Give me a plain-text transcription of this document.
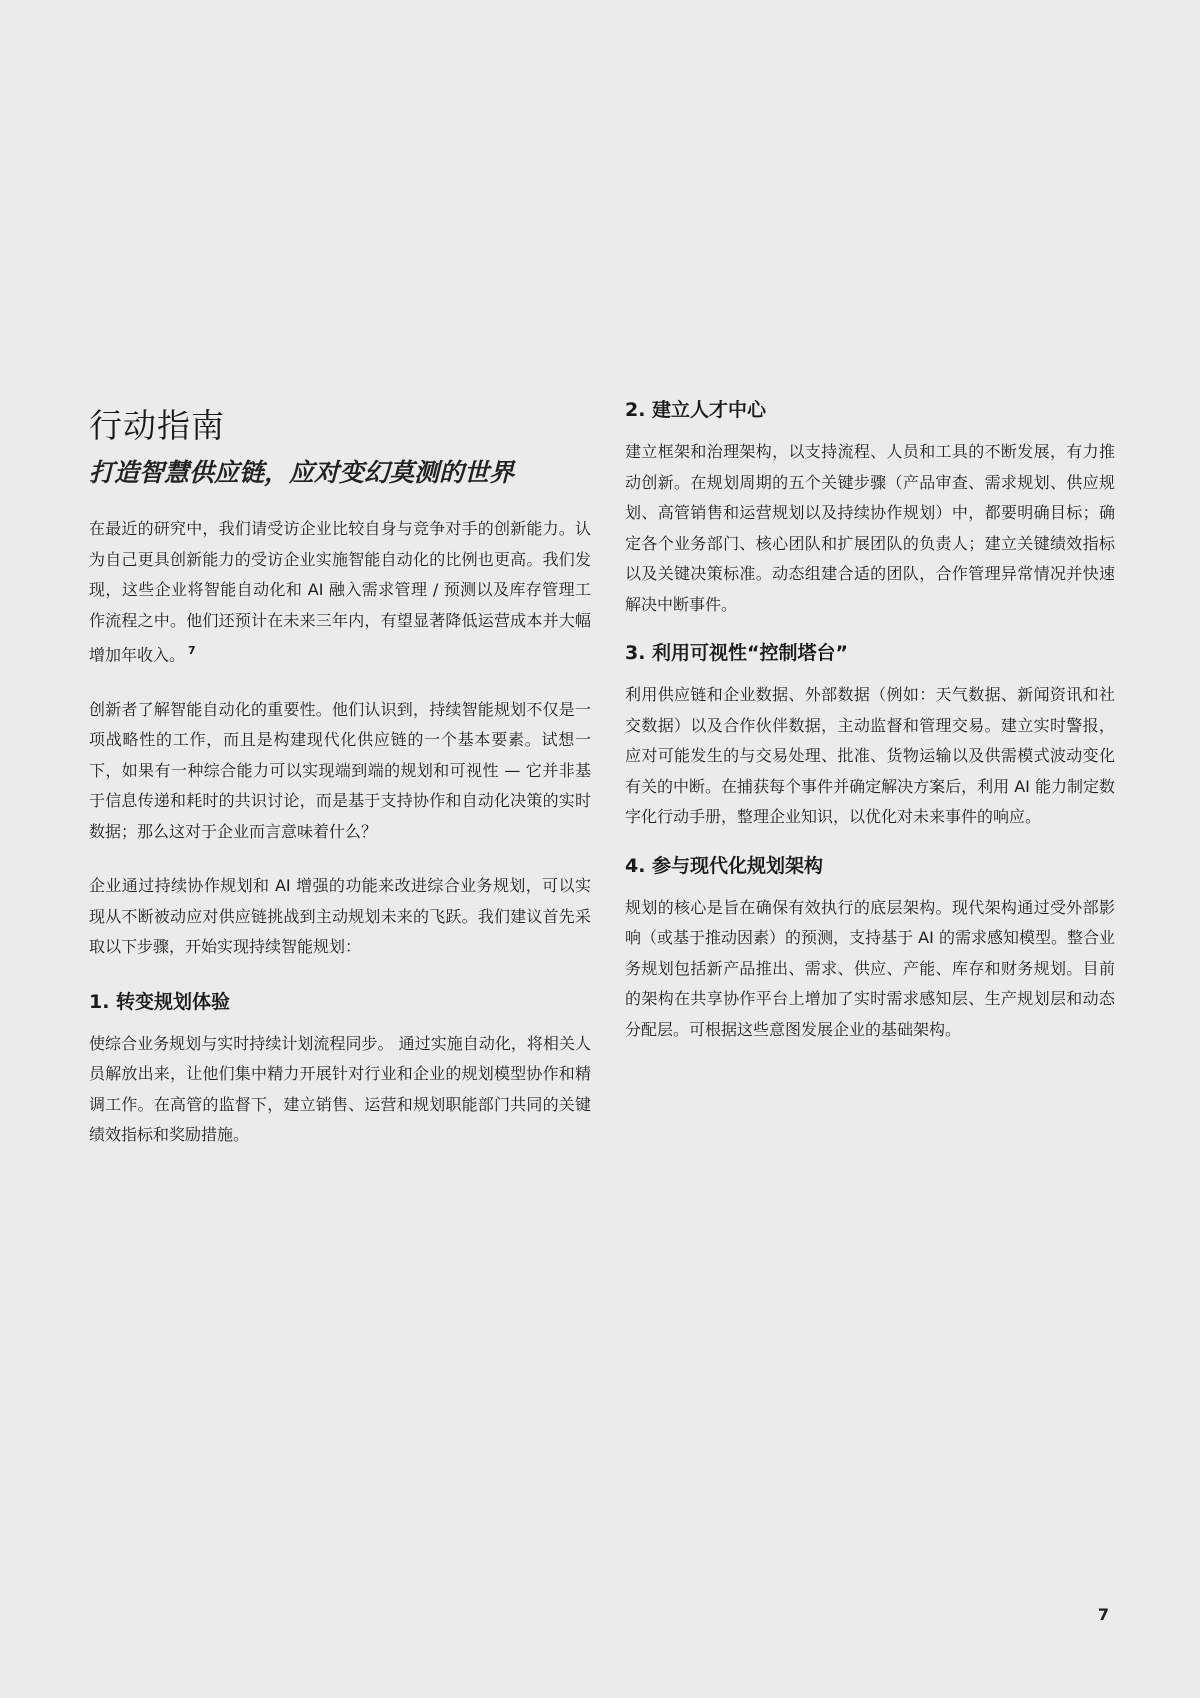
行动指南
打造智慧供应链，应对变幻莫测的世界

在最近的研究中，我们请受访企业比较自身与竞争对手的创新能力。认为自己更具创新能力的受访企业实施智能自动化的比例也更高。我们发现，这些企业将智能自动化和 AI 融入需求管理 / 预测以及库存管理工作流程之中。他们还预计在未来三年内，有望显著降低运营成本并大幅增加年收入。 $^7$

创新者了解智能自动化的重要性。他们认识到，持续智能规划不仅是一项战略性的工作，而且是构建现代化供应链的一个基本要素。试想一下，如果有一种综合能力可以实现端到端的规划和可视性 — 它并非基于信息传递和耗时的共识讨论，而是基于支持协作和自动化决策的实时数据；那么这对于企业而言意味着什么？

企业通过持续协作规划和 AI 增强的功能来改进综合业务规划，可以实现从不断被动应对供应链挑战到主动规划未来的飞跃。我们建议首先采取以下步骤，开始实现持续智能规划：

1. 转变规划体验

使综合业务规划与实时持续计划流程同步。 通过实施自动化，将相关人员解放出来，让他们集中精力开展针对行业和企业的规划模型协作和精调工作。在高管的监督下，建立销售、运营和规划职能部门共同的关键绩效指标和奖励措施。

2. 建立人才中心

建立框架和治理架构，以支持流程、人员和工具的不断发展，有力推动创新。在规划周期的五个关键步骤（产品审查、需求规划、供应规划、高管销售和运营规划以及持续协作规划）中，都要明确目标；确定各个业务部门、核心团队和扩展团队的负责人；建立关键绩效指标以及关键决策标准。动态组建合适的团队，合作管理异常情况并快速解决中断事件。

3. 利用可视性“控制塔台”

利用供应链和企业数据、外部数据（例如：天气数据、新闻资讯和社交数据）以及合作伙伴数据，主动监督和管理交易。建立实时警报，应对可能发生的与交易处理、批准、货物运输以及供需模式波动变化有关的中断。在捕获每个事件并确定解决方案后，利用 AI 能力制定数字化行动手册，整理企业知识，以优化对未来事件的响应。

4. 参与现代化规划架构

规划的核心是旨在确保有效执行的底层架构。现代架构通过受外部影响（或基于推动因素）的预测，支持基于 AI 的需求感知模型。整合业务规划包括新产品推出、需求、供应、产能、库存和财务规划。目前的架构在共享协作平台上增加了实时需求感知层、生产规划层和动态分配层。可根据这些意图发展企业的基础架构。

7
